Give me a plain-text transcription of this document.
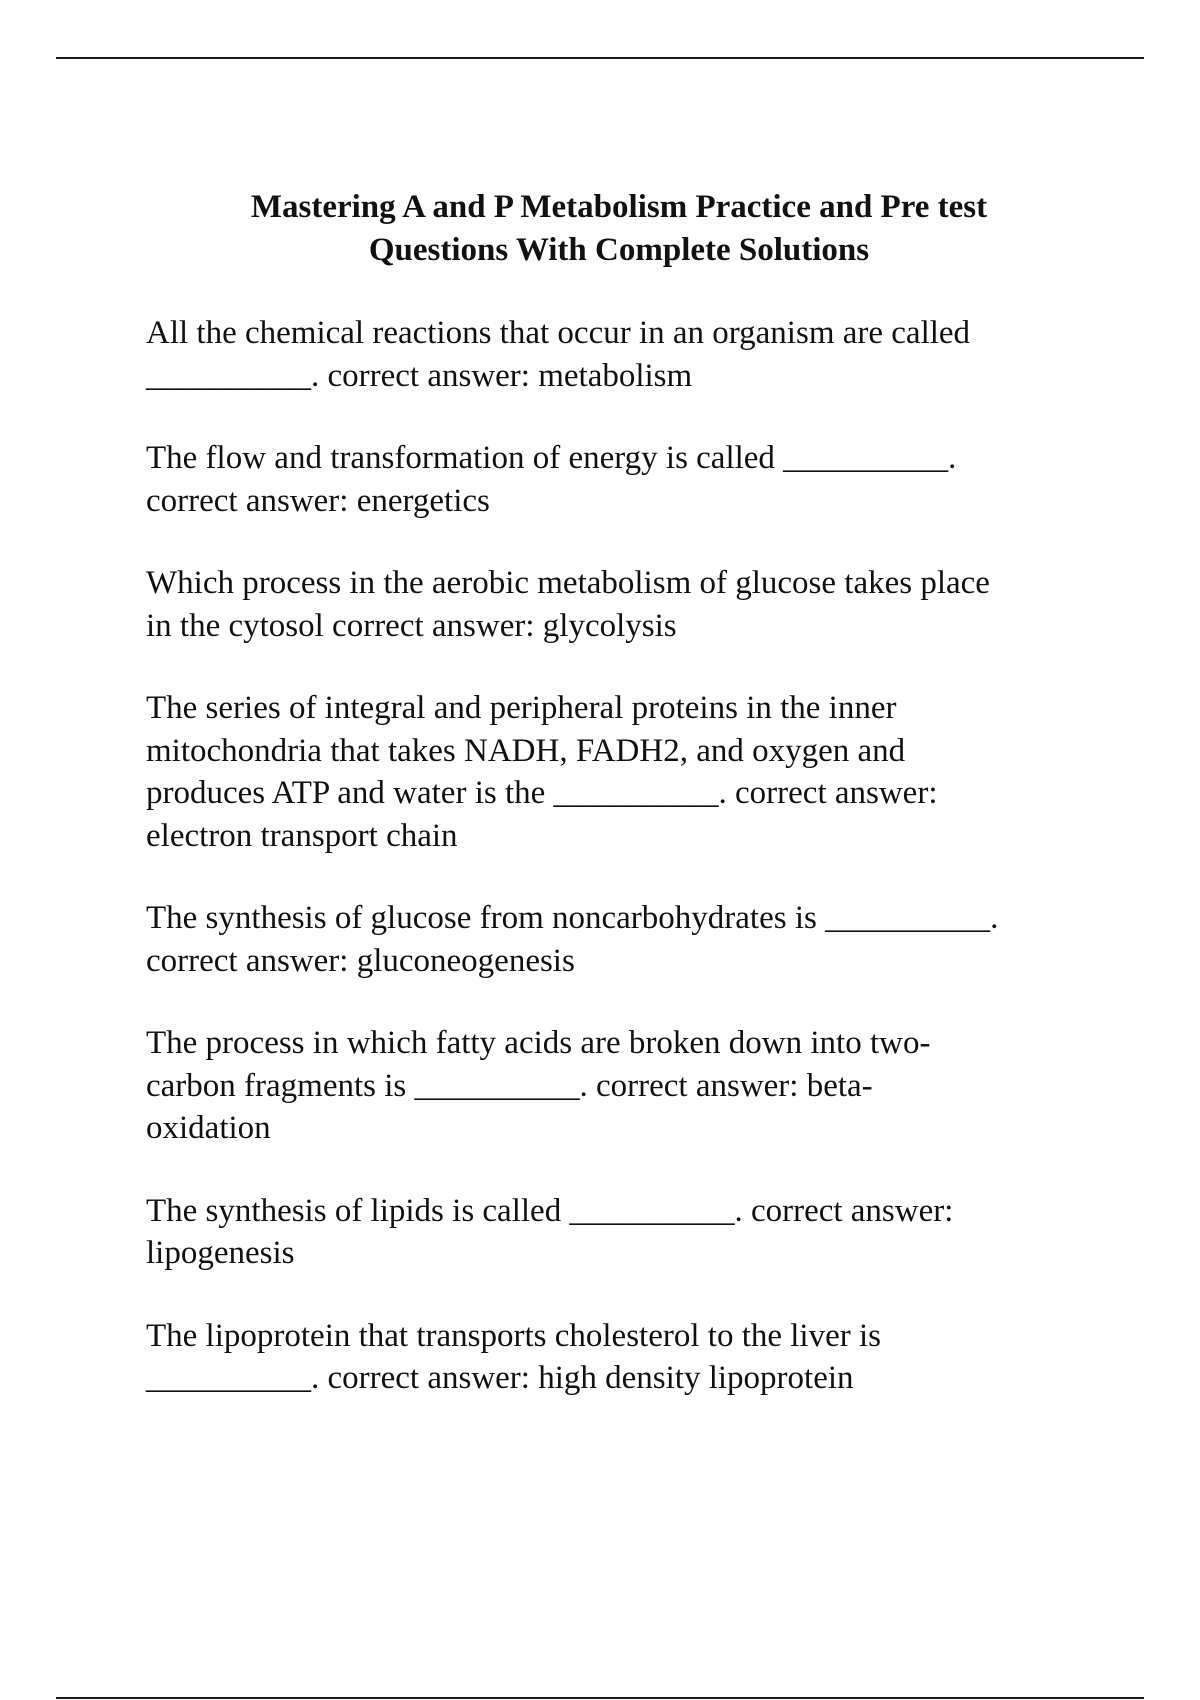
Mastering A and P Metabolism Practice and Pre test
Questions With Complete Solutions

All the chemical reactions that occur in an organism are called
__________. correct answer: metabolism

The flow and transformation of energy is called __________.
correct answer: energetics

Which process in the aerobic metabolism of glucose takes place
in the cytosol correct answer: glycolysis

The series of integral and peripheral proteins in the inner
mitochondria that takes NADH, FADH2, and oxygen and
produces ATP and water is the __________. correct answer:
electron transport chain

The synthesis of glucose from noncarbohydrates is __________.
correct answer: gluconeogenesis

The process in which fatty acids are broken down into two-
carbon fragments is __________. correct answer: beta-
oxidation

The synthesis of lipids is called __________. correct answer:
lipogenesis

The lipoprotein that transports cholesterol to the liver is
__________. correct answer: high density lipoprotein
